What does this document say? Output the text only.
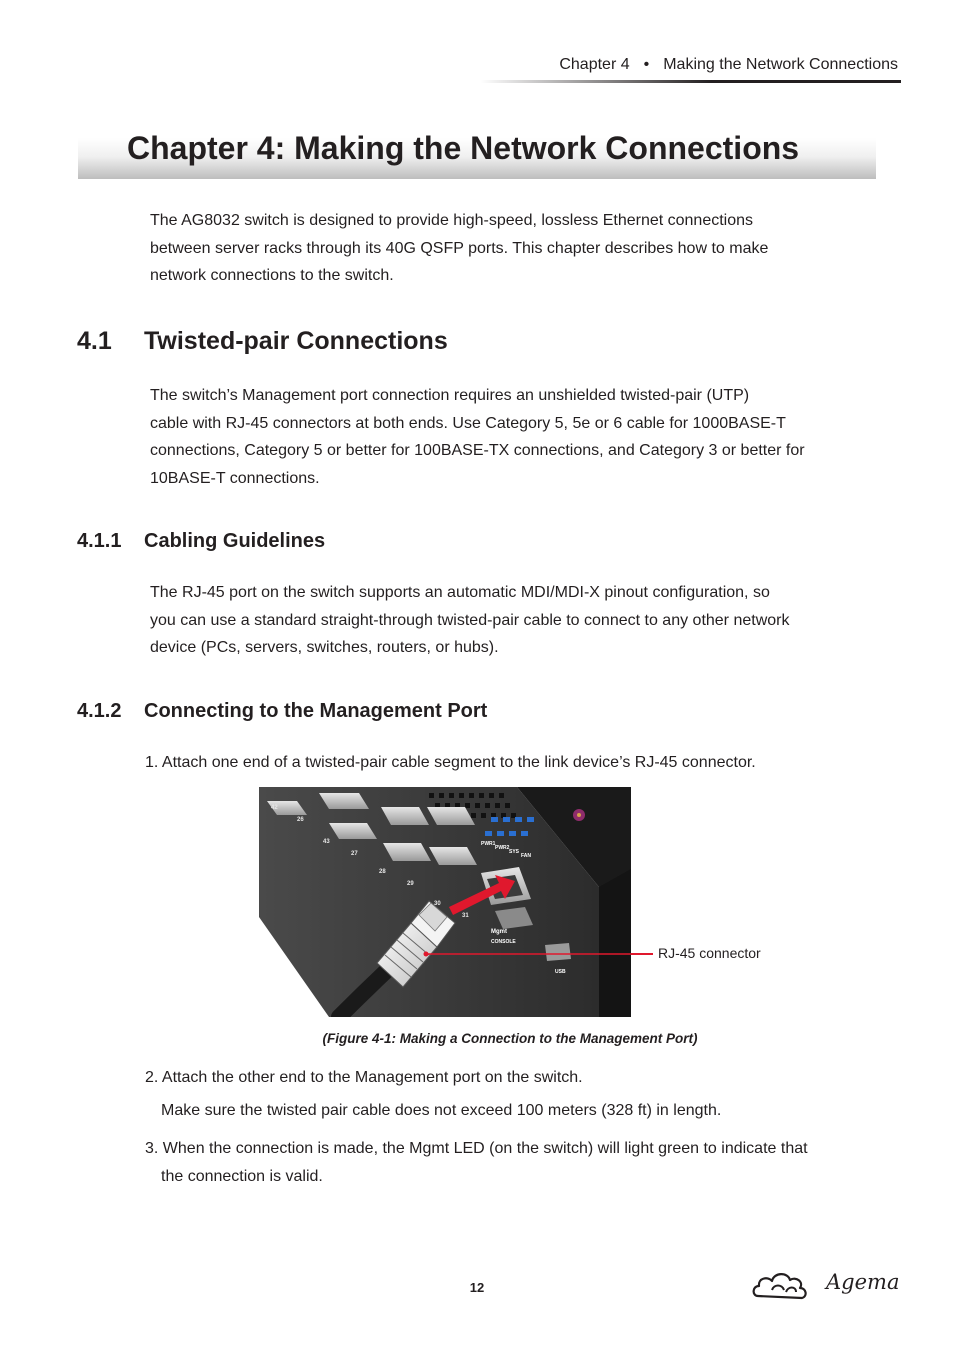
Chapter 4 • Making the Network Connections
Chapter 4: Making the Network Connections

The AG8032 switch is designed to provide high-speed, lossless Ethernet connections

between server racks through its 40G QSFP ports. This chapter describes how to make

network connections to the switch.

4.1 Twisted-pair Connections

The switch’s Management port connection requires an unshielded twisted-pair (UTP)

cable with RJ-45 connectors at both ends. Use Category 5, 5e or 6 cable for 1000BASE-T

connections, Category 5 or better for 100BASE-TX connections, and Category 3 or better for

10BASE-T connections.

4.1.1 Cabling Guidelines

The RJ-45 port on the switch supports an automatic MDI/MDI-X pinout configuration, so

you can use a standard straight-through twisted-pair cable to connect to any other network

device (PCs, servers, switches, routers, or hubs).

4.1.2 Connecting to the Management Port

1. Attach one end of a twisted-pair cable segment to the link device’s RJ-45 connector.

42
26
43
27
28
29
30
31
PWR1
PWR2
SYS
FAN
Mgmt
CONSOLE
USB
RJ-45 connector
(Figure 4-1: Making a Connection to the Management Port)

2. Attach the other end to the Management port on the switch.

Make sure the twisted pair cable does not exceed 100 meters (328 ft) in length.

3. When the connection is made, the Mgmt LED (on the switch) will light green to indicate that

the connection is valid.

12	Agema
